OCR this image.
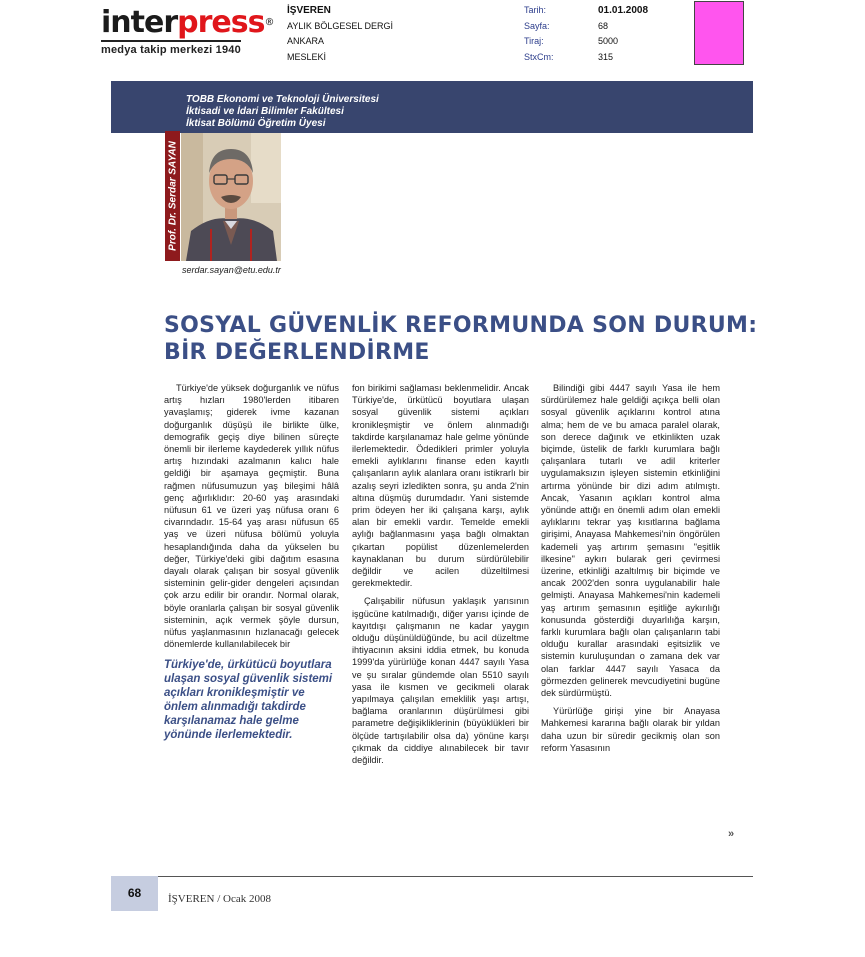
interpress®
medya takip merkezi 1940
İŞVEREN
AYLIK BÖLGESEL DERGİ
ANKARA
MESLEKİ
Tarih:
Sayfa:
Tiraj:
StxCm:
01.01.2008
68
5000
315
TOBB Ekonomi ve Teknoloji Üniversitesi
İktisadi ve İdari Bilimler Fakültesi
İktisat Bölümü Öğretim Üyesi
Prof. Dr. Serdar SAYAN
serdar.sayan@etu.edu.tr
SOSYAL GÜVENLİK REFORMUNDA SON DURUM:
BİR DEĞERLENDİRME

Türkiye'de yüksek doğurganlık ve nüfus artış hızları 1980'lerden itibaren yavaşlamış; giderek ivme kazanan doğurganlık düşüşü ile birlikte ülke, demografik geçiş diye bilinen süreçte önemli bir ilerleme kaydederek yıllık nüfus artış hızındaki azalmanın kalıcı hale geldiği bir aşamaya geçmiştir. Buna rağmen nüfusumuzun yaş bileşimi hâlâ genç ağırlıklıdır: 20-60 yaş arasındaki nüfusun 61 ve üzeri yaş nüfusa oranı 6 civarındadır. 15-64 yaş arası nüfusun 65 yaş ve üzeri nüfusa bölümü yoluyla hesaplandığında daha da yükselen bu değer, Türkiye'deki gibi dağıtım esasına dayalı olarak çalışan bir sosyal güvenlik sisteminin gelir-gider dengeleri açısından çok arzu edilir bir orandır. Normal olarak, böyle oranlarla çalışan bir sosyal güvenlik sisteminin, açık vermek şöyle dursun, nüfus yaşlanmasının hızlanacağı gelecek dönemlerde kullanılabilecek bir

Türkiye'de, ürkütücü boyutlara ulaşan sosyal güvenlik sistemi açıkları kronikleşmiştir ve önlem alınmadığı takdirde karşılanamaz hale gelme yönünde ilerlemektedir.

fon birikimi sağlaması beklenmelidir. Ancak Türkiye'de, ürkütücü boyutlara ulaşan sosyal güvenlik sistemi açıkları kronikleşmiştir ve önlem alınmadığı takdirde karşılanamaz hale gelme yönünde ilerlemektedir. Ödedikleri primler yoluyla emekli aylıklarını finanse eden kayıtlı çalışanların aylık alanlara oranı istikrarlı bir azalış seyri izledikten sonra, şu anda 2'nin altına düşmüş durumdadır. Yani sistemde prim ödeyen her iki çalışana karşı, aylık alan bir emekli vardır. Temelde emekli aylığı bağlanmasını yaşa bağlı olmaktan çıkartan popülist düzenlemelerden kaynaklanan bu durum sürdürülebilir değildir ve acilen düzeltilmesi gerekmektedir.

Çalışabilir nüfusun yaklaşık yarısının işgücüne katılmadığı, diğer yarısı içinde de kayıtdışı çalışmanın ne kadar yaygın olduğu düşünüldüğünde, bu acil düzeltme ihtiyacının aksini iddia etmek, bu konuda 1999'da yürürlüğe konan 4447 sayılı Yasa ve şu sıralar gündemde olan 5510 sayılı yasa ile kısmen ve gecikmeli olarak yapılmaya çalışılan emeklilik yaşı artışı, bağlama oranlarının düşürülmesi gibi parametre değişikliklerinin (büyüklükleri bir ölçüde tartışılabilir olsa da) yönüne karşı çıkmak da ciddiye alınabilecek bir tavır değildir.

Bilindiği gibi 4447 sayılı Yasa ile hem sürdürülemez hale geldiği açıkça belli olan sosyal güvenlik açıklarını kontrol atına alma; hem de ve bu amaca paralel olarak, son derece dağınık ve etkinlikten uzak biçimde, üstelik de farklı kurumlara bağlı çalışanlara tutarlı ve adil kriterler uygulamaksızın işleyen sistemin etkinliğini artırma yönünde bir dizi adım atılmıştı. Ancak, Yasanın açıkları kontrol alma yönünde attığı en önemli adım olan emekli aylıklarını tekrar yaş kısıtlarına bağlama girişimi, Anayasa Mahkemesi'nin öngörülen kademeli yaş artırım şemasını "eşitlik ilkesine" aykırı bularak geri çevirmesi üzerine, etkinliği azaltılmış bir biçimde ve ancak 2002'den sonra uygulanabilir hale gelmişti. Anayasa Mahkemesi'nin kademeli yaş artırım şemasının eşitliğe aykırılığı konusunda gösterdiği duyarlılığa karşın, farklı kurumlara bağlı olan çalışanların tabi olduğu kurallar arasındaki eşitsizlik ve sistemin kuruluşundan o zamana dek var olan farklar 4447 sayılı Yasaca da görmezden gelinerek mevcudiyetini bugüne dek sürdürmüştü.

Yürürlüğe girişi yine bir Anayasa Mahkemesi kararına bağlı olarak bir yıldan daha uzun bir süredir gecikmiş olan son reform Yasasının

»
68	İŞVEREN / Ocak 2008
